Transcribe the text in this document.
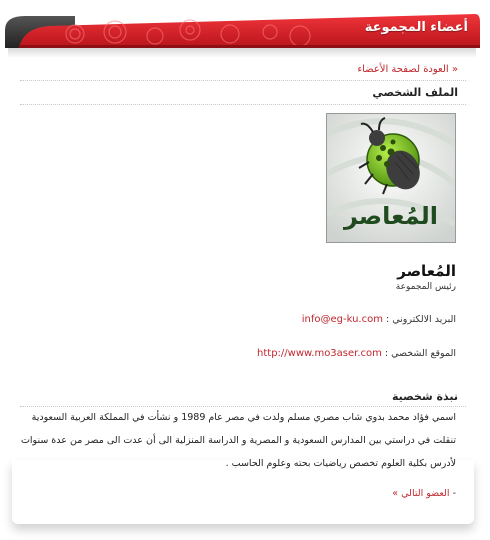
أعضاء المجموعة
« العودة لصفحة الأعضاء
الملف الشخصي
المُعاصر
المُعاصر
رئيس المجموعة
البريد الالكتروني : info@eg-ku.com
الموقع الشخصي : http://www.mo3aser.com
نبذة شخصية
اسمي فؤاد محمد بدوي شاب مصري مسلم ولدت في مصر عام 1989 و نشأت في المملكة العربية السعودية تنقلت في دراستي بين المدارس السعودية و المصرية و الدراسة المنزلية الى أن عدت الى مصر من عدة سنوات لأدرس بكلية العلوم تخصص رياضيات بحته وعلوم الحاسب .
- العضو التالي »
